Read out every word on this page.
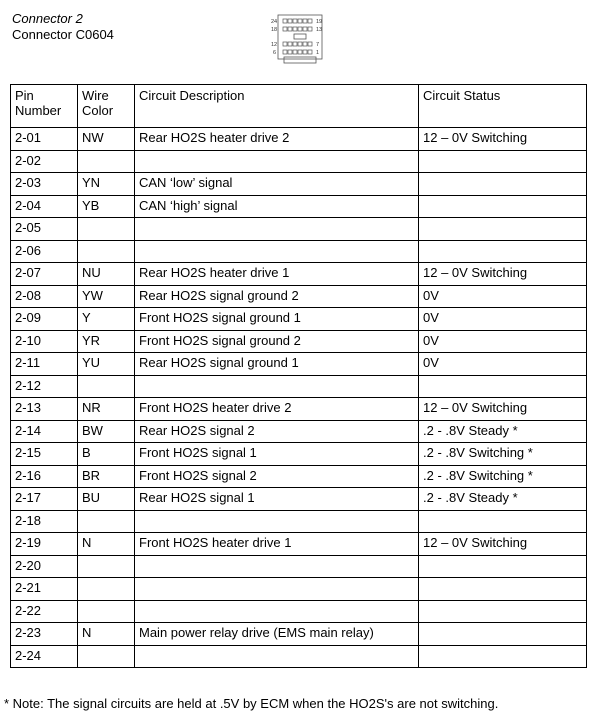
Connector 2
Connector C0604
24	19
18	13
12	7
6	1
Pin
Number	Wire
Color	Circuit Description	Circuit Status
2-01	NW	Rear HO2S heater drive 2	12 – 0V Switching
2-02			
2-03	YN	CAN ‘low’ signal	
2-04	YB	CAN ‘high’ signal	
2-05			
2-06			
2-07	NU	Rear HO2S heater drive 1	12 – 0V Switching
2-08	YW	Rear HO2S signal ground 2	0V
2-09	Y	Front HO2S signal ground 1	0V
2-10	YR	Front HO2S signal ground 2	0V
2-11	YU	Rear HO2S signal ground 1	0V
2-12			
2-13	NR	Front HO2S heater drive 2	12 – 0V Switching
2-14	BW	Rear HO2S signal 2	.2 - .8V Steady *
2-15	B	Front HO2S signal 1	.2 - .8V Switching *
2-16	BR	Front HO2S signal 2	.2 - .8V Switching *
2-17	BU	Rear HO2S signal 1	.2 - .8V Steady *
2-18			
2-19	N	Front HO2S heater drive 1	12 – 0V Switching
2-20			
2-21			
2-22			
2-23	N	Main power relay drive (EMS main relay)	
2-24			
* Note: The signal circuits are held at .5V by ECM when the HO2S's are not switching.
